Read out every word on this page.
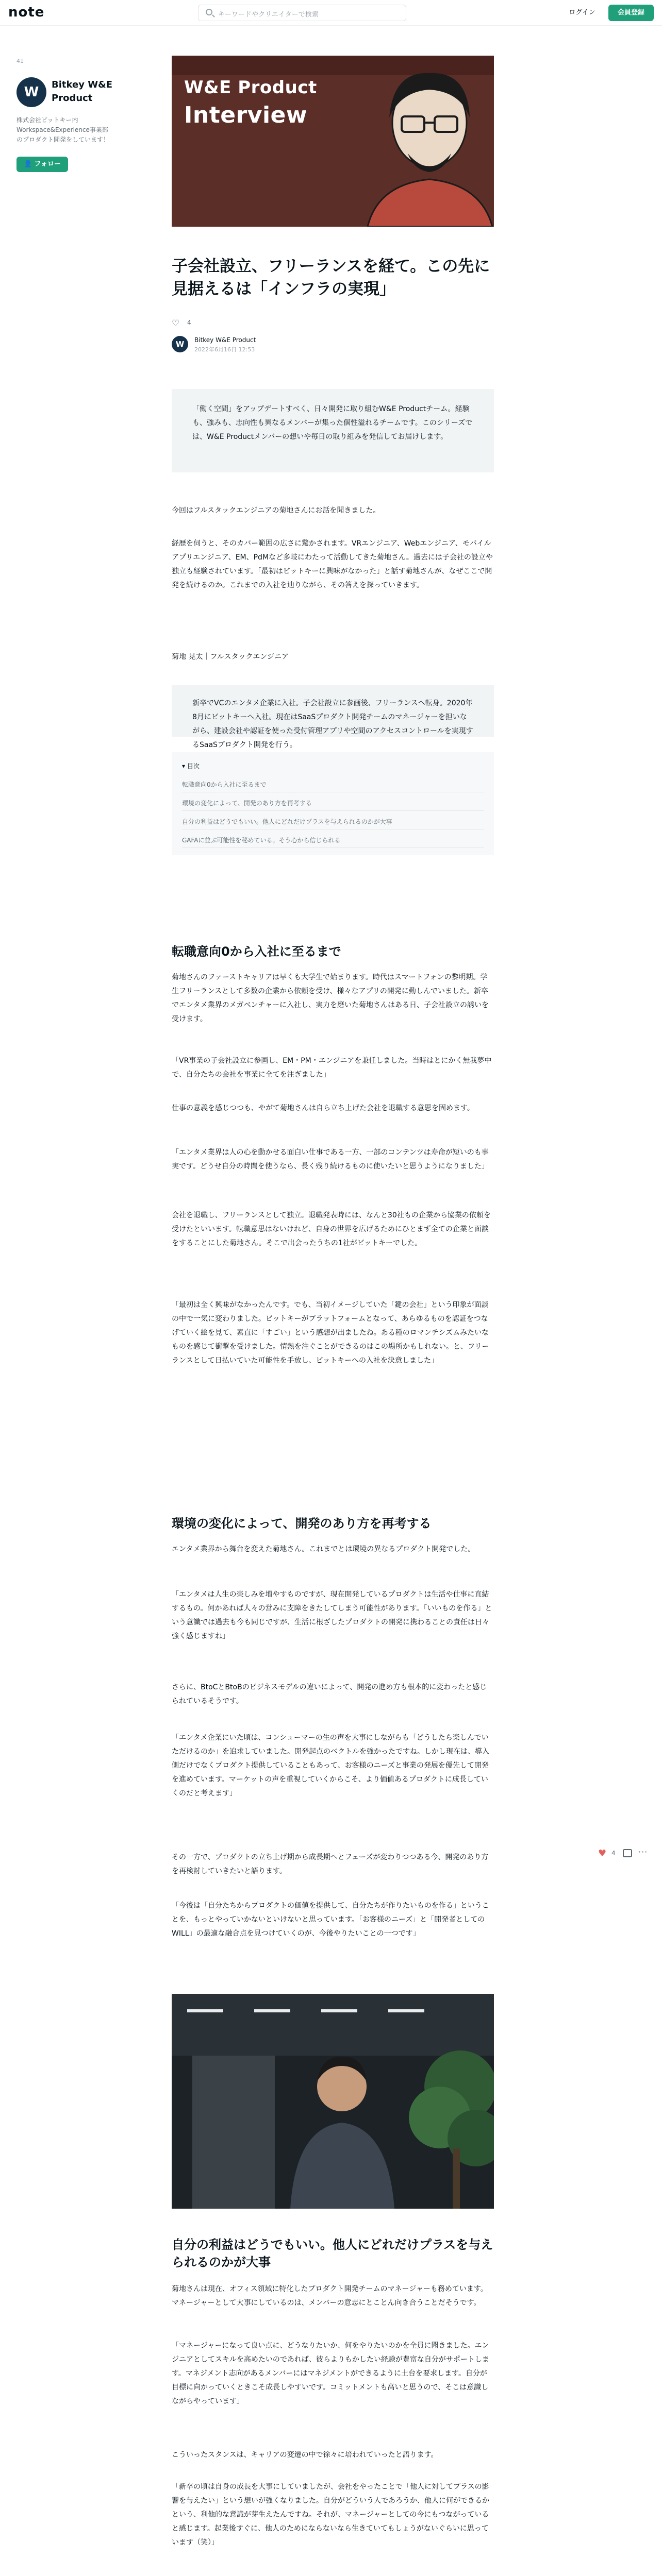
note	キーワードやクリエイターで検索	ログイン	会員登録
41
W	Bitkey W&E Product
株式会社ビットキー内 Workspace&Experience事業部 のプロダクト開発をしています！
👤 フォロー
W&E Product
Interview
子会社設立、フリーランスを経て。この先に見据えるは「インフラの実現」
♡ 4
W	Bitkey W&E Product
2022年6月16日 12:53

「働く空間」をアップデートすべく、日々開発に取り組むW&E Productチーム。経験も、強みも、志向性も異なるメンバーが集った個性溢れるチームです。このシリーズでは、W&E Productメンバーの想いや毎日の取り組みを発信してお届けします。

今回はフルスタックエンジニアの菊地さんにお話を聞きました。

経歴を伺うと、そのカバー範囲の広さに驚かされます。VRエンジニア、Webエンジニア、モバイルアプリエンジニア、EM、PdMなど多岐にわたって活動してきた菊地さん。過去には子会社の設立や独立も経験されています。「最初はビットキーに興味がなかった」と話す菊地さんが、なぜここで開発を続けるのか。これまでの入社を辿りながら、その答えを探っていきます。

菊地 晃太｜フルスタックエンジニア

新卒でVCのエンタメ企業に入社。子会社設立に参画後、フリーランスへ転身。2020年8月にビットキーへ入社。現在はSaaSプロダクト開発チームのマネージャーを担いながら、建設会社や認証を使った受付管理アプリや空間のアクセスコントロールを実現するSaaSプロダクト開発を行う。

▾ 目次
転職意向0から入社に至るまで
環境の変化によって、開発のあり方を再考する
自分の利益はどうでもいい。他人にどれだけプラスを与えられるのかが大事
GAFAに並ぶ可能性を秘めている。そう心から信じられる
転職意向0から入社に至るまで

菊地さんのファーストキャリアは早くも大学生で始まります。時代はスマートフォンの黎明期。学生フリーランスとして多数の企業から依頼を受け、様々なアプリの開発に勤しんでいました。新卒でエンタメ業界のメガベンチャーに入社し、実力を磨いた菊地さんはある日、子会社設立の誘いを受けます。

「VR事業の子会社設立に参画し、EM・PM・エンジニアを兼任しました。当時はとにかく無我夢中で、自分たちの会社を事業に全てを注ぎました」

仕事の意義を感じつつも、やがて菊地さんは自ら立ち上げた会社を退職する意思を固めます。

「エンタメ業界は人の心を動かせる面白い仕事である一方、一部のコンテンツは寿命が短いのも事実です。どうせ自分の時間を使うなら、長く残り続けるものに使いたいと思うようになりました」

会社を退職し、フリーランスとして独立。退職発表時には、なんと30社もの企業から協業の依頼を受けたといいます。転職意思はないけれど、自身の世界を広げるためにひとまず全ての企業と面談をすることにした菊地さん。そこで出会ったうちの1社がビットキーでした。

「最初は全く興味がなかったんです。でも、当初イメージしていた「鍵の会社」という印象が面談の中で一気に変わりました。ビットキーがプラットフォームとなって、あらゆるものを認証をつなげていく絵を見て、素直に「すごい」という感想が出ましたね。ある種のロマンチシズムみたいなものを感じて衝撃を受けました。情熱を注ぐことができるのはこの場所かもしれない。と、フリーランスとして日払いていた可能性を手放し、ビットキーへの入社を決意しました」

環境の変化によって、開発のあり方を再考する

エンタメ業界から舞台を変えた菊地さん。これまでとは環境の異なるプロダクト開発でした。

「エンタメは人生の楽しみを増やすものですが、現在開発しているプロダクトは生活や仕事に直結するもの。何かあれば人々の営みに支障をきたしてしまう可能性があります。「いいものを作る」という意識では過去も今も同じですが、生活に根ざしたプロダクトの開発に携わることの責任は日々強く感じますね」

さらに、BtoCとBtoBのビジネスモデルの違いによって、開発の進め方も根本的に変わったと感じられているそうです。

「エンタメ企業にいた頃は、コンシューマーの生の声を大事にしながらも「どうしたら楽しんでいただけるのか」を追求していました。開発起点のベクトルを強かったですね。しかし現在は、導入側だけでなくプロダクト提供していることもあって、お客様のニーズと事業の発展を優先して開発を進めています。マーケットの声を重視していくからこそ、より価値あるプロダクトに成長していくのだと考えます」

その一方で、プロダクトの立ち上げ期から成長期へとフェーズが変わりつつある今、開発のあり方を再検討していきたいと語ります。

「今後は「自分たちからプロダクトの価値を提供して、自分たちが作りたいものを作る」ということを、もっとやっていかないといけないと思っています。「お客様のニーズ」と「開発者としてのWILL」の最適な融合点を見つけていくのが、今後やりたいことの一つです」

♥ 4	···
自分の利益はどうでもいい。他人にどれだけプラスを与えられるのかが大事

菊地さんは現在、オフィス領域に特化したプロダクト開発チームのマネージャーも務めています。マネージャーとして大事にしているのは、メンバーの意志にとことん向き合うことだそうです。

「マネージャーになって良い点に、どうなりたいか、何をやりたいのかを全員に聞きました。エンジニアとしてスキルを高めたいのであれば、彼らよりもかしたい経験が豊富な自分がサポートします。マネジメント志向があるメンバーにはマネジメントができるように土台を要求します。自分が目標に向かっていくときこそ成長しやすいです。コミットメントも高いと思うので、そこは意識しながらやっています」

こういったスタンスは、キャリアの変遷の中で徐々に培われていったと語ります。

「新卒の頃は自身の成長を大事にしていましたが、会社をやったことで「他人に対してプラスの影響を与えたい」という想いが強くなりました。自分がどういう人であろうか、他人に何ができるかという、利他的な意識が芽生えたんですね。それが、マネージャーとしての今にもつながっていると感じます。起業後すぐに、他人のためにならないなら生きていてもしょうがないぐらいに思っています（笑）」
